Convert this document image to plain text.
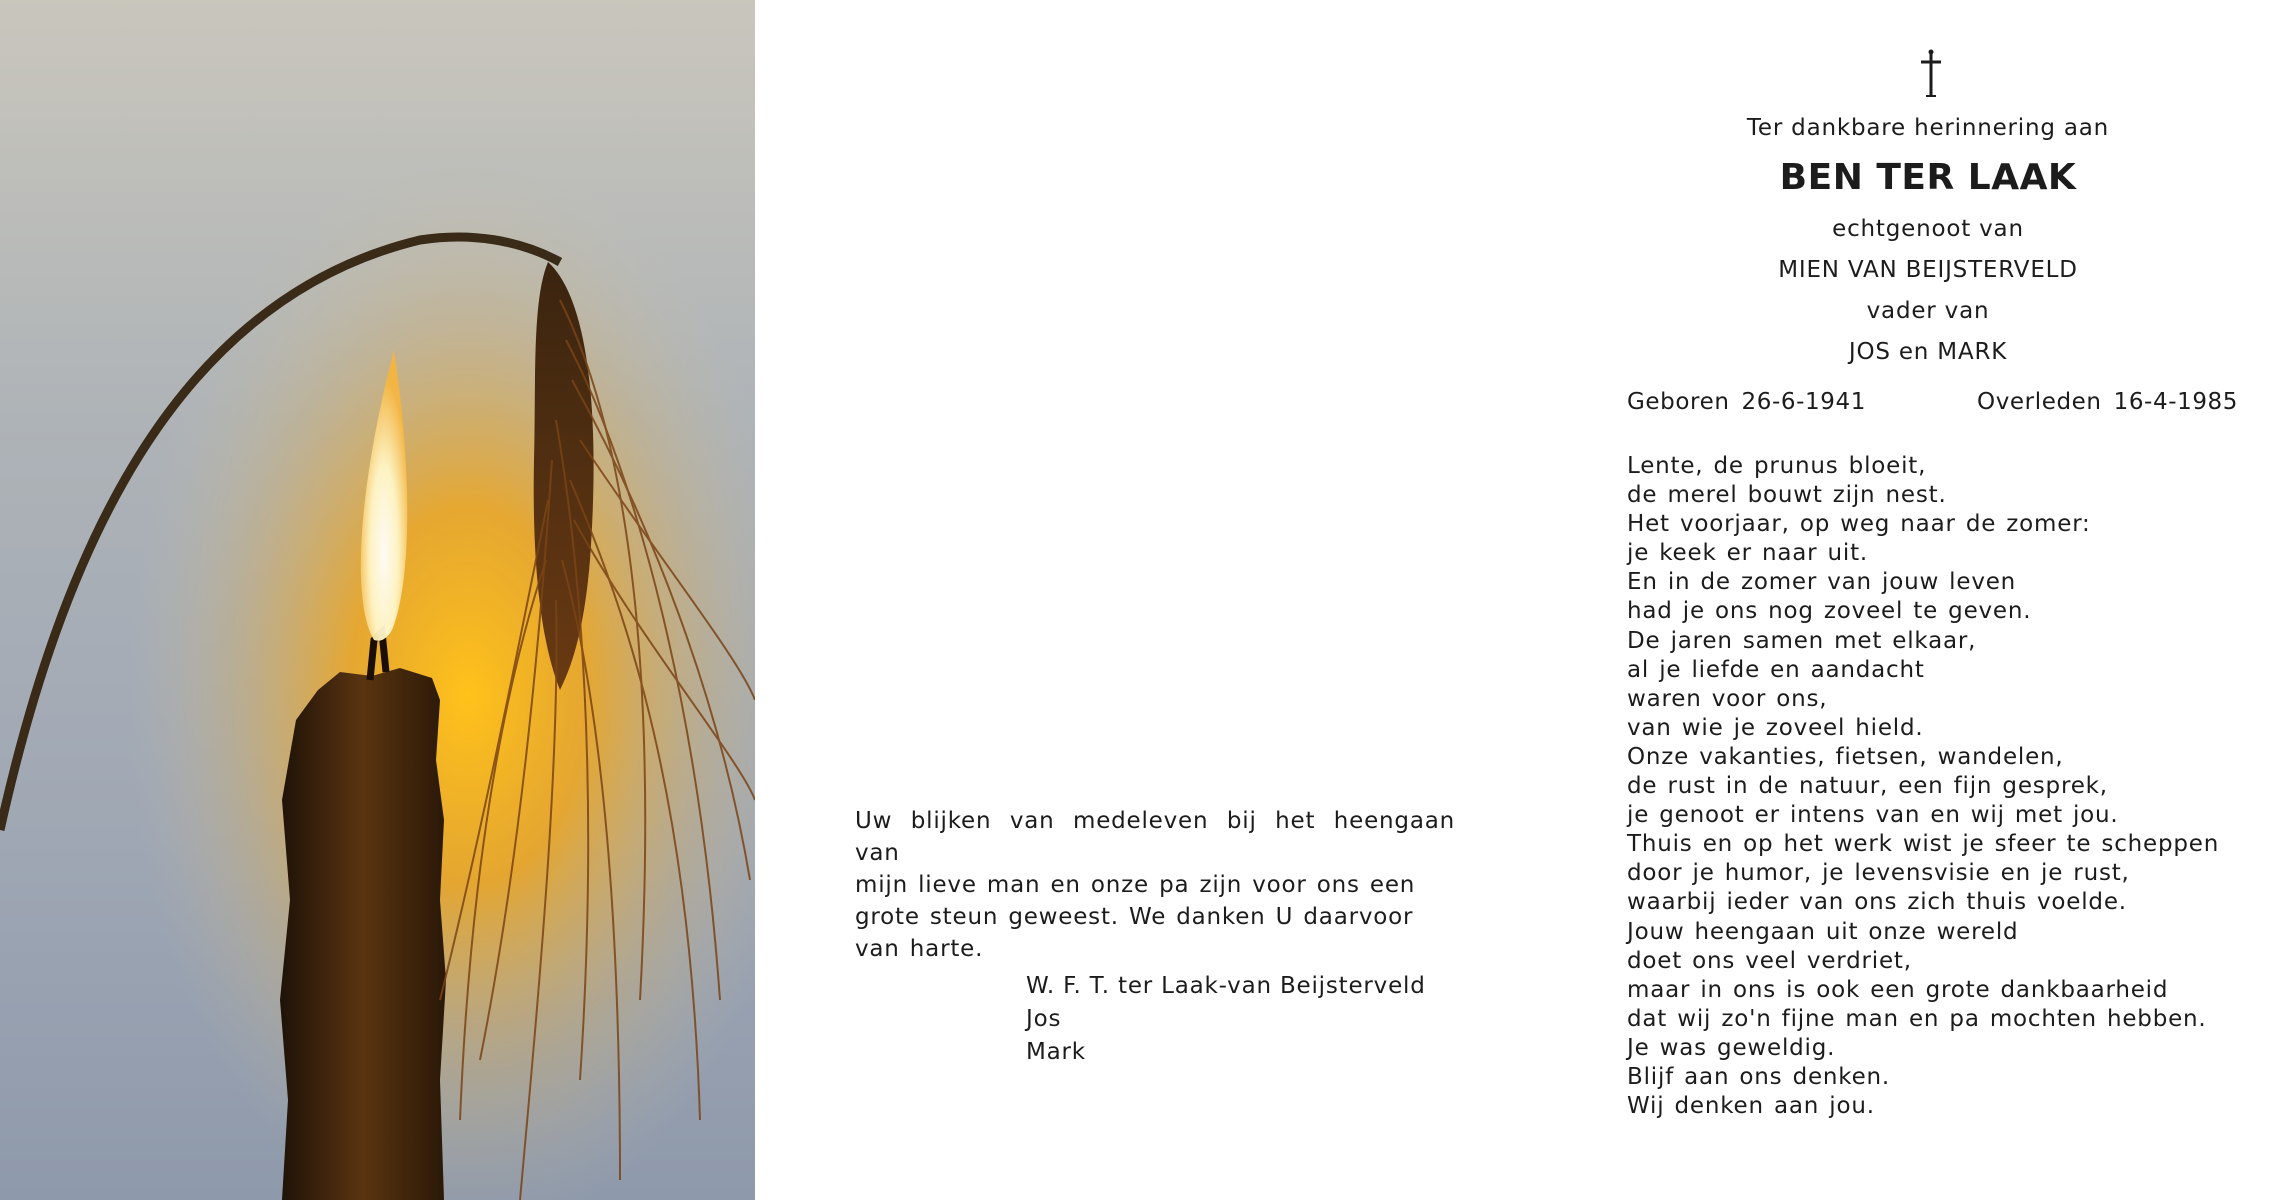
Uw blijken van medeleven bij het heengaan van

mijn lieve man en onze pa zijn voor ons een

grote steun geweest. We danken U daarvoor

van harte.

W. F. T. ter Laak-van Beijsterveld
Jos
Mark
Ter dankbare herinnering aan
BEN TER LAAK
echtgenoot van
MIEN VAN BEIJSTERVELD
vader van
JOS en MARK
Geboren 26-6-1941	Overleden 16-4-1985
Lente, de prunus bloeit,
de merel bouwt zijn nest.
Het voorjaar, op weg naar de zomer:
je keek er naar uit.
En in de zomer van jouw leven
had je ons nog zoveel te geven.
De jaren samen met elkaar,
al je liefde en aandacht
waren voor ons,
van wie je zoveel hield.
Onze vakanties, fietsen, wandelen,
de rust in de natuur, een fijn gesprek,
je genoot er intens van en wij met jou.
Thuis en op het werk wist je sfeer te scheppen
door je humor, je levensvisie en je rust,
waarbij ieder van ons zich thuis voelde.
Jouw heengaan uit onze wereld
doet ons veel verdriet,
maar in ons is ook een grote dankbaarheid
dat wij zo'n fijne man en pa mochten hebben.
Je was geweldig.
Blijf aan ons denken.
Wij denken aan jou.
